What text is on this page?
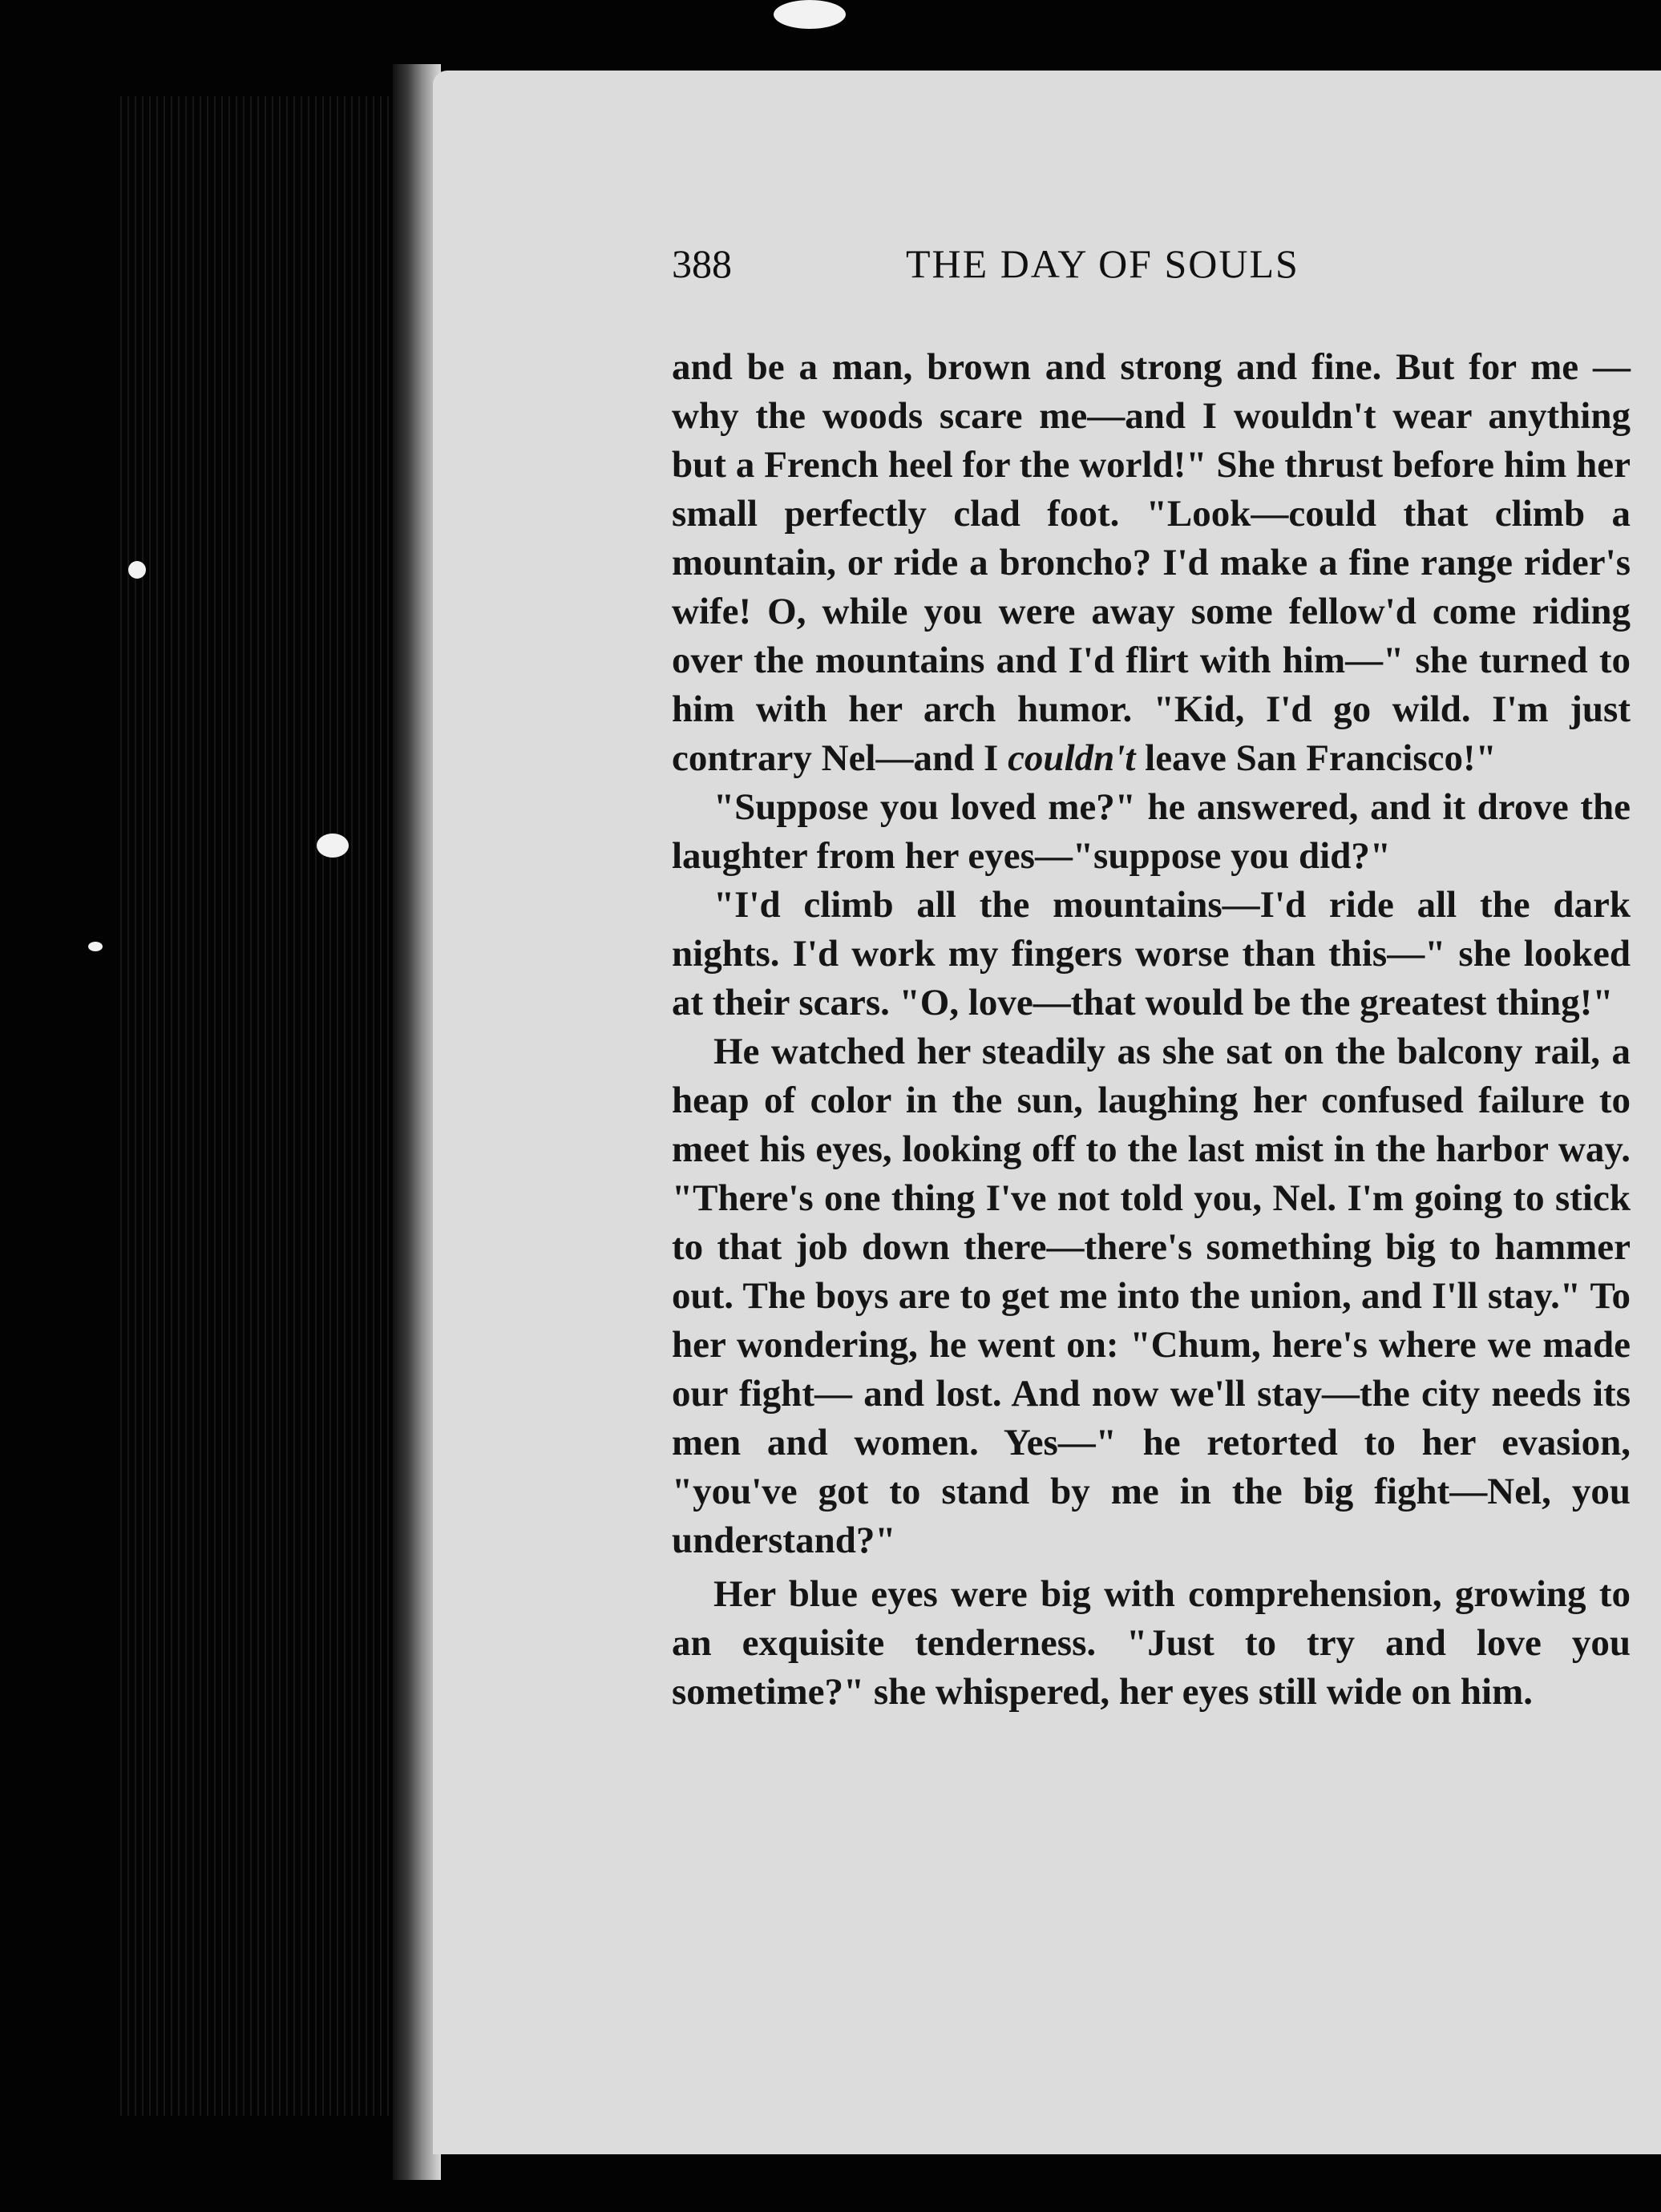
388	THE DAY OF SOULS

and be a man, brown and strong and fine. But for me —why the woods scare me—and I wouldn't wear anything but a French heel for the world!" She thrust before him her small perfectly clad foot. "Look—could that climb a mountain, or ride a broncho? I'd make a fine range rider's wife! O, while you were away some fellow'd come riding over the mountains and I'd flirt with him—" she turned to him with her arch humor. "Kid, I'd go wild. I'm just contrary Nel—and I couldn't leave San Francisco!"

"Suppose you loved me?" he answered, and it drove the laughter from her eyes—"suppose you did?"

"I'd climb all the mountains—I'd ride all the dark nights. I'd work my fingers worse than this—" she looked at their scars. "O, love—that would be the greatest thing!"

He watched her steadily as she sat on the balcony rail, a heap of color in the sun, laughing her confused failure to meet his eyes, looking off to the last mist in the harbor way. "There's one thing I've not told you, Nel. I'm going to stick to that job down there—there's something big to hammer out. The boys are to get me into the union, and I'll stay." To her wondering, he went on: "Chum, here's where we made our fight— and lost. And now we'll stay—the city needs its men and women. Yes—" he retorted to her evasion, "you've got to stand by me in the big fight—Nel, you understand?"

Her blue eyes were big with comprehension, growing to an exquisite tenderness. "Just to try and love you sometime?" she whispered, her eyes still wide on him.
